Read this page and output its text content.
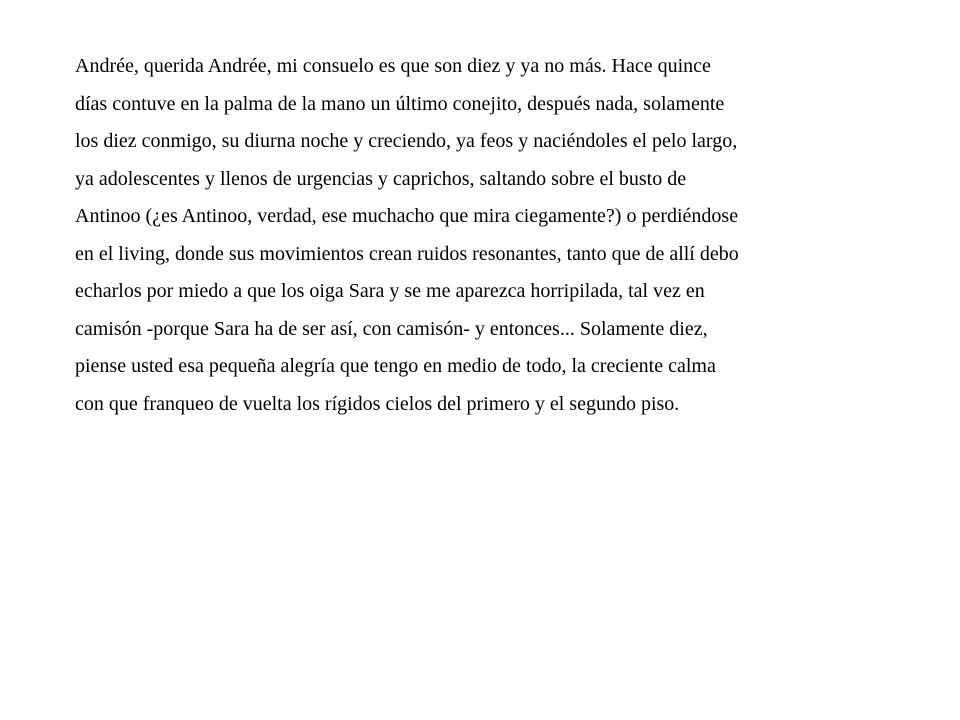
Andrée, querida Andrée, mi consuelo es que son diez y ya no más. Hace quince
días contuve en la palma de la mano un último conejito, después nada, solamente
los diez conmigo, su diurna noche y creciendo, ya feos y naciéndoles el pelo largo,
ya adolescentes y llenos de urgencias y caprichos, saltando sobre el busto de
Antinoo (¿es Antinoo, verdad, ese muchacho que mira ciegamente?) o perdiéndose
en el living, donde sus movimientos crean ruidos resonantes, tanto que de allí debo
echarlos por miedo a que los oiga Sara y se me aparezca horripilada, tal vez en
camisón -porque Sara ha de ser así, con camisón- y entonces... Solamente diez,
piense usted esa pequeña alegría que tengo en medio de todo, la creciente calma
con que franqueo de vuelta los rígidos cielos del primero y el segundo piso.
